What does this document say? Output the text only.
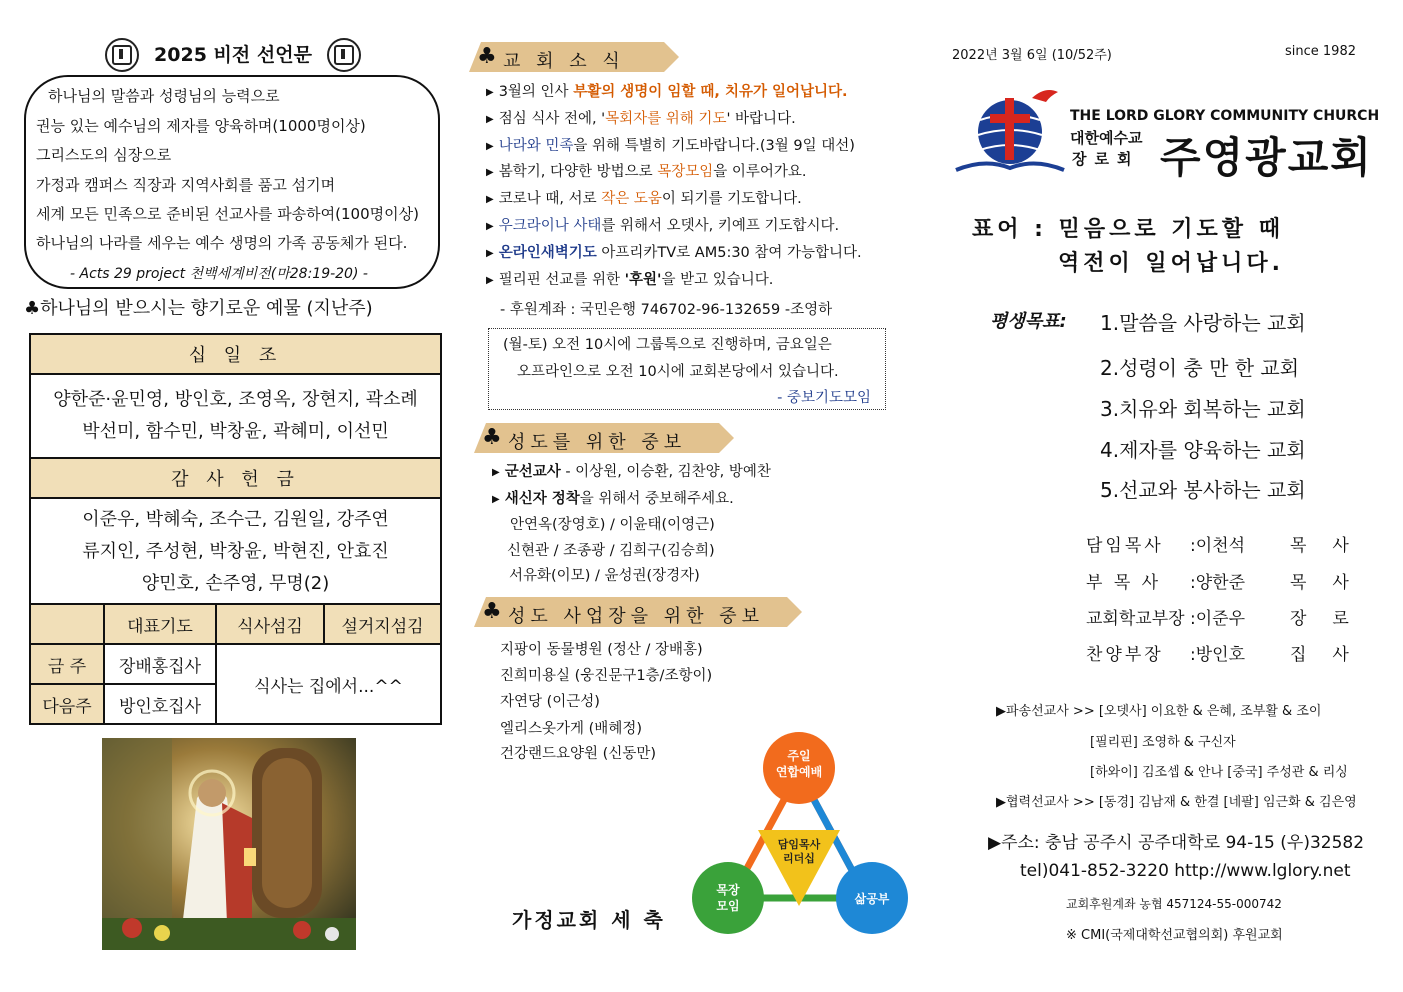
2025 비전 선언문
하나님의 말씀과 성령님의 능력으로
권능 있는 예수님의 제자를 양육하며(1000명이상)
그리스도의 심장으로
가정과 캠퍼스 직장과 지역사회를 품고 섬기며
세계 모든 민족으로 준비된 선교사를 파송하여(100명이상)
하나님의 나라를 세우는 예수 생명의 가족 공동체가 된다.
- Acts 29 project 천백세계비전(마28:19-20) -
♣하나님의 받으시는 향기로운 예물 (지난주)
십 일 조

양한준·윤민영, 방인호, 조영옥, 장현지, 곽소례
박선미, 함수민, 박창윤, 곽혜미, 이선민

감 사 헌 금

이준우, 박혜숙, 조수근, 김원일, 강주연
류지인, 주성현, 박창윤, 박현진, 안효진
양민호, 손주영, 무명(2)
	대표기도	식사섬김	설거지섬김
금 주	장배홍집사	식사는 집에서...^^	
다음주	방인호집사		
♣ 교 회 소 식
▶ 3월의 인사 부활의 생명이 임할 때, 치유가 일어납니다.
▶ 점심 식사 전에, '목회자를 위해 기도' 바랍니다.
▶ 나라와 민족을 위해 특별히 기도바랍니다.(3월 9일 대선)
▶ 봄학기, 다양한 방법으로 목장모임을 이루어가요.
▶ 코로나 때, 서로 작은 도움이 되기를 기도합니다.
▶ 우크라이나 사태를 위해서 오뎃사, 키예프 기도합시다.
▶ 온라인새벽기도 아프리카TV로 AM5:30 참여 가능합니다.
▶ 필리핀 선교를 위한 '후원'을 받고 있습니다.
- 후원계좌 : 국민은행 746702-96-132659 -조영하
(월-토) 오전 10시에 그룹톡으로 진행하며, 금요일은
오프라인으로 오전 10시에 교회본당에서 있습니다.
- 중보기도모임
♣ 성도를 위한 중보
▶ 군선교사 - 이상원, 이승환, 김찬양, 방예찬
▶ 새신자 정착을 위해서 중보해주세요.
안연옥(장영호) / 이윤태(이영근)
신현관 / 조종광 / 김희구(김승희)
서유화(이모) / 윤성권(장경자)
♣ 성도 사업장을 위한 중보
지팡이 동물병원 (정산 / 장배홍)
진희미용실 (웅진문구1층/조항이)
자연당 (이근성)
엘리스옷가게 (배혜정)
건강랜드요양원 (신동만)	주일
연합예배
담임목사
리더십
목장
모임	삶공부
가정교회 세 축
2022년 3월 6일 (10/52주)	since 1982
THE LORD GLORY COMMUNITY CHURCH
대한예수교
장로회 주영광교회
표어 : 믿음으로 기도할 때
역전이 일어납니다.
평생목표: 1.말씀을 사랑하는 교회
2.성령이 충 만 한 교회
3.치유와 회복하는 교회
4.제자를 양육하는 교회
5.선교와 봉사하는 교회
담임목사 :이천석	목사
부 목 사 :양한준	목사
교회학교부장 :이준우	장로
찬양부장 :방인호	집사
▶파송선교사 >> [오뎃사] 이요한 & 은혜, 조부활 & 조이
[필리핀] 조영하 & 구신자
[하와이] 김조셉 & 안나 [중국] 주성관 & 리싱
▶협력선교사 >> [동경] 김남재 & 한결 [네팔] 임근화 & 김은영
▶주소: 충남 공주시 공주대학로 94-15 (우)32582
tel)041-852-3220 http://www.lglory.net
교회후원계좌 농협 457124-55-000742
※ CMI(국제대학선교협의회) 후원교회
